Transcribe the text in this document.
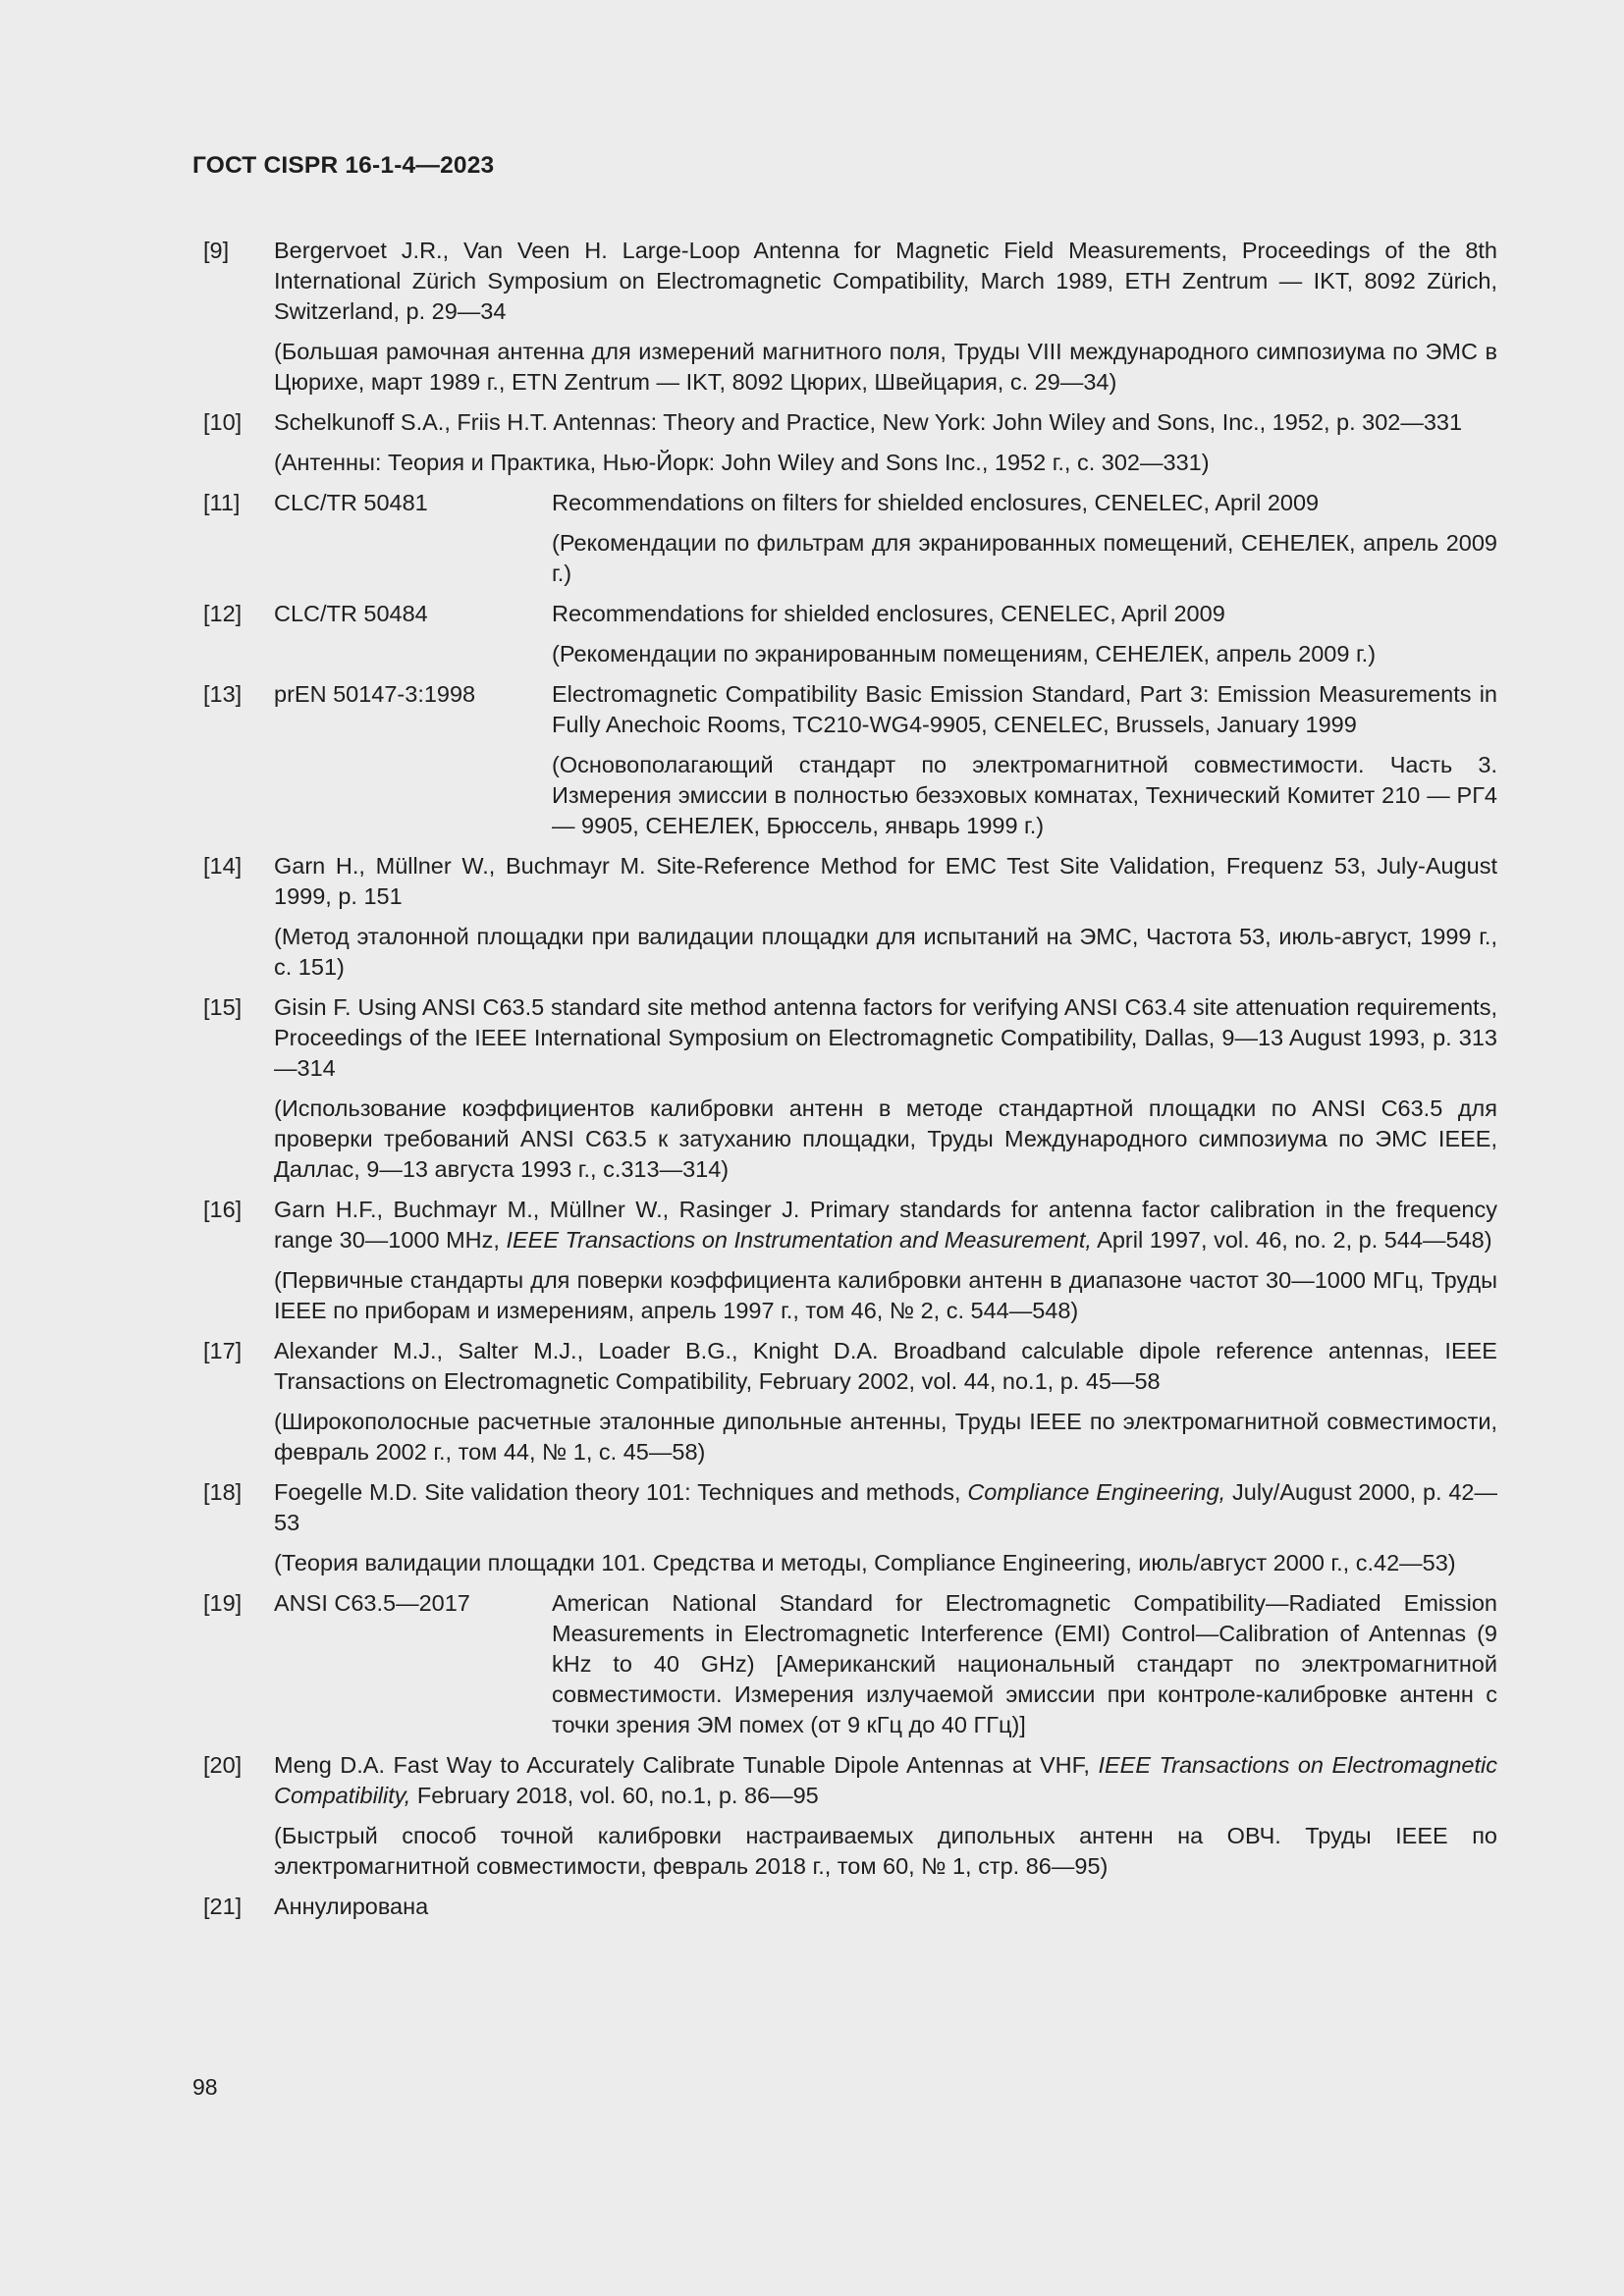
ГОСТ CISPR 16-1-4—2023
[9]	Bergervoet J.R., Van Veen H. Large-Loop Antenna for Magnetic Field Measurements, Proceedings of the 8th International Zürich Symposium on Electromagnetic Compatibility, March 1989, ETH Zentrum — IKT, 8092 Zürich, Switzerland, p. 29—34
(Большая рамочная антенна для измерений магнитного поля, Труды VIII международного симпозиума по ЭМС в Цюрихе, март 1989 г., ETN Zentrum — IKT, 8092 Цюрих, Швейцария, с. 29—34)
[10]	Schelkunoff S.A., Friis H.T. Antennas: Theory and Practice, New York: John Wiley and Sons, Inc., 1952, p. 302—331
(Антенны: Теория и Практика, Нью-Йорк: John Wiley and Sons Inc., 1952 г., с. 302—331)
[11]	CLC/TR 50481	Recommendations on filters for shielded enclosures, CENELEC, April 2009
(Рекомендации по фильтрам для экранированных помещений, СЕНЕЛЕК, апрель 2009 г.)
[12]	CLC/TR 50484	Recommendations for shielded enclosures, CENELEC, April 2009
(Рекомендации по экранированным помещениям, СЕНЕЛЕК, апрель 2009 г.)
[13]	prEN 50147-3:1998	Electromagnetic Compatibility Basic Emission Standard, Part 3: Emission Measurements in Fully Anechoic Rooms, TC210-WG4-9905, CENELEC, Brussels, January 1999
(Основополагающий стандарт по электромагнитной совместимости. Часть 3. Измерения эмиссии в полностью безэховых комнатах, Технический Комитет 210 — РГ4 — 9905, СЕНЕЛЕК, Брюссель, январь 1999 г.)
[14]	Garn H., Müllner W., Buchmayr M. Site-Reference Method for EMC Test Site Validation, Frequenz 53, July-August 1999, p. 151
(Метод эталонной площадки при валидации площадки для испытаний на ЭМС, Частота 53, июль-август, 1999 г., с. 151)
[15]	Gisin F. Using ANSI C63.5 standard site method antenna factors for verifying ANSI C63.4 site attenuation requirements, Proceedings of the IEEE International Symposium on Electromagnetic Compatibility, Dallas, 9—13 August 1993, p. 313—314
(Использование коэффициентов калибровки антенн в методе стандартной площадки по ANSI C63.5 для проверки требований ANSI C63.5 к затуханию площадки, Труды Международного симпозиума по ЭМС IEEE, Даллас, 9—13 августа 1993 г., с.313—314)
[16]	Garn H.F., Buchmayr M., Müllner W., Rasinger J. Primary standards for antenna factor calibration in the frequency range 30—1000 MHz, IEEE Transactions on Instrumentation and Measurement, April 1997, vol. 46, no. 2, p. 544—548)
(Первичные стандарты для поверки коэффициента калибровки антенн в диапазоне частот 30—1000 МГц, Труды IEEE по приборам и измерениям, апрель 1997 г., том 46, № 2, с. 544—548)
[17]	Alexander M.J., Salter M.J., Loader B.G., Knight D.A. Broadband calculable dipole reference antennas, IEEE Transactions on Electromagnetic Compatibility, February 2002, vol. 44, no.1, p. 45—58
(Широкополосные расчетные эталонные дипольные антенны, Труды IEEE по электромагнитной совместимости, февраль 2002 г., том 44, № 1, с. 45—58)
[18]	Foegelle M.D. Site validation theory 101: Techniques and methods, Compliance Engineering, July/August 2000, p. 42—53
(Теория валидации площадки 101. Средства и методы, Compliance Engineering, июль/август 2000 г., с.42—53)
[19]	ANSI C63.5—2017	American National Standard for Electromagnetic Compatibility—Radiated Emission Measurements in Electromagnetic Interference (EMI) Control—Calibration of Antennas (9 kHz to 40 GHz) [Американский национальный стандарт по электромагнитной совместимости. Измерения излучаемой эмиссии при контроле-калибровке антенн с точки зрения ЭМ помех (от 9 кГц до 40 ГГц)]
[20]	Meng D.A. Fast Way to Accurately Calibrate Tunable Dipole Antennas at VHF, IEEE Transactions on Electromagnetic Compatibility, February 2018, vol. 60, no.1, p. 86—95
(Быстрый способ точной калибровки настраиваемых дипольных антенн на ОВЧ. Труды IEEE по электромагнитной совместимости, февраль 2018 г., том 60, № 1, стр. 86—95)
[21]	Аннулирована
98
